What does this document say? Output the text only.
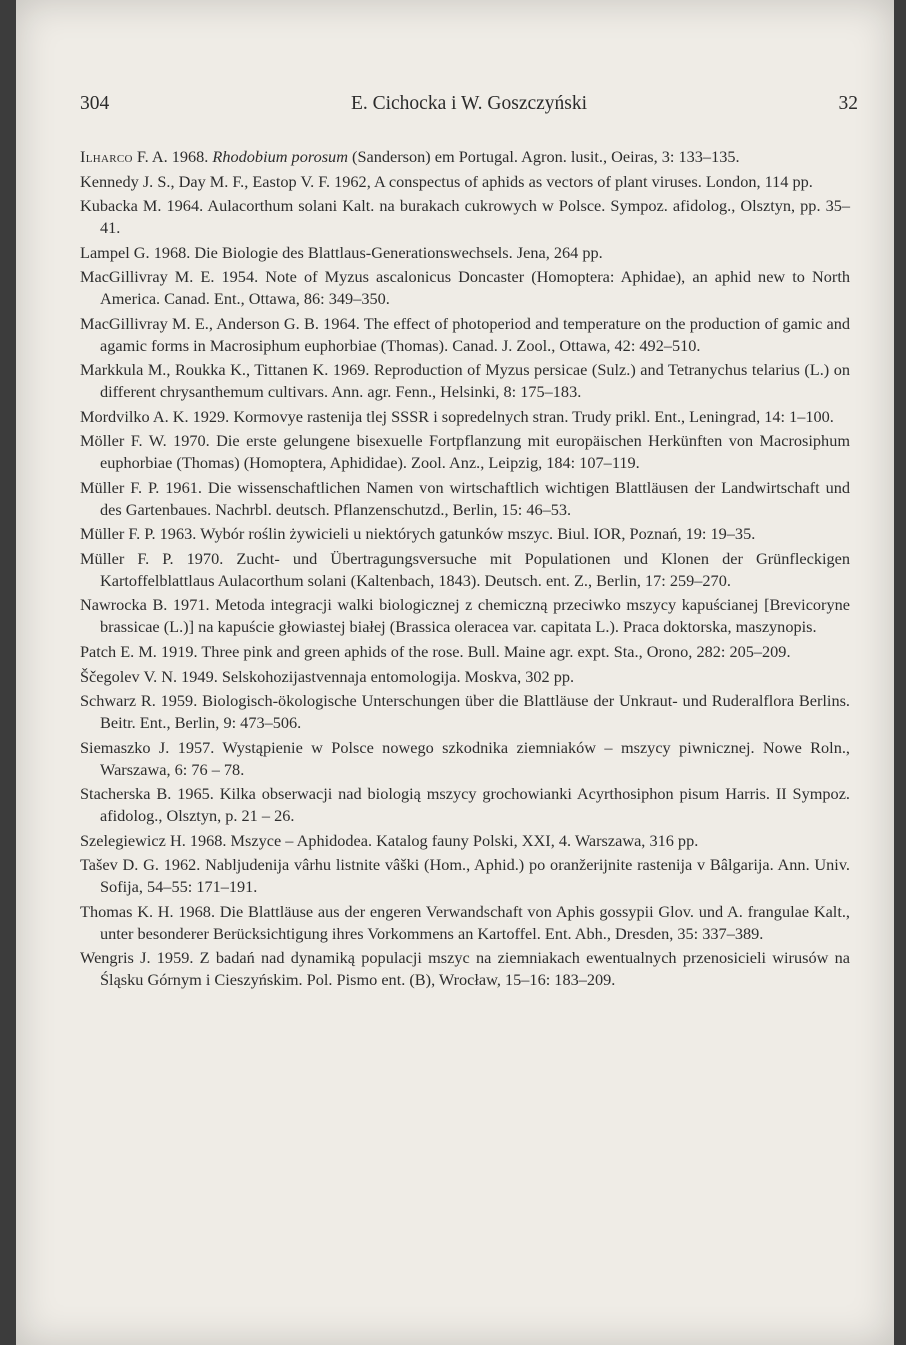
304	E. Cichocka i W. Goszczyński	32
Ilharco F. A. 1968. Rhodobium porosum (Sanderson) em Portugal. Agron. lusit., Oeiras, 3: 133–135.
Kennedy J. S., Day M. F., Eastop V. F. 1962, A conspectus of aphids as vectors of plant viruses. London, 114 pp.
Kubacka M. 1964. Aulacorthum solani Kalt. na burakach cukrowych w Polsce. Sympoz. afidolog., Olsztyn, pp. 35–41.
Lampel G. 1968. Die Biologie des Blattlaus-Generationswechsels. Jena, 264 pp.
MacGillivray M. E. 1954. Note of Myzus ascalonicus Doncaster (Homoptera: Aphidae), an aphid new to North America. Canad. Ent., Ottawa, 86: 349–350.
MacGillivray M. E., Anderson G. B. 1964. The effect of photoperiod and temperature on the production of gamic and agamic forms in Macrosiphum euphorbiae (Thomas). Canad. J. Zool., Ottawa, 42: 492–510.
Markkula M., Roukka K., Tittanen K. 1969. Reproduction of Myzus persicae (Sulz.) and Tetranychus telarius (L.) on different chrysanthemum cultivars. Ann. agr. Fenn., Helsinki, 8: 175–183.
Mordvilko A. K. 1929. Kormovye rastenija tlej SSSR i sopredelnych stran. Trudy prikl. Ent., Leningrad, 14: 1–100.
Möller F. W. 1970. Die erste gelungene bisexuelle Fortpflanzung mit europäischen Herkünften von Macrosiphum euphorbiae (Thomas) (Homoptera, Aphididae). Zool. Anz., Leipzig, 184: 107–119.
Müller F. P. 1961. Die wissenschaftlichen Namen von wirtschaftlich wichtigen Blattläusen der Landwirtschaft und des Gartenbaues. Nachrbl. deutsch. Pflanzenschutzd., Berlin, 15: 46–53.
Müller F. P. 1963. Wybór roślin żywicieli u niektórych gatunków mszyc. Biul. IOR, Poznań, 19: 19–35.
Müller F. P. 1970. Zucht- und Übertragungsversuche mit Populationen und Klonen der Grünfleckigen Kartoffelblattlaus Aulacorthum solani (Kaltenbach, 1843). Deutsch. ent. Z., Berlin, 17: 259–270.
Nawrocka B. 1971. Metoda integracji walki biologicznej z chemiczną przeciwko mszycy kapuścianej [Brevicoryne brassicae (L.)] na kapuście głowiastej białej (Brassica oleracea var. capitata L.). Praca doktorska, maszynopis.
Patch E. M. 1919. Three pink and green aphids of the rose. Bull. Maine agr. expt. Sta., Orono, 282: 205–209.
Ščegolev V. N. 1949. Selskohozijastvennaja entomologija. Moskva, 302 pp.
Schwarz R. 1959. Biologisch-ökologische Unterschungen über die Blattläuse der Unkraut- und Ruderalflora Berlins. Beitr. Ent., Berlin, 9: 473–506.
Siemaszko J. 1957. Wystąpienie w Polsce nowego szkodnika ziemniaków – mszycy piwnicznej. Nowe Roln., Warszawa, 6: 76 – 78.
Stacherska B. 1965. Kilka obserwacji nad biologią mszycy grochowianki Acyrthosiphon pisum Harris. II Sympoz. afidolog., Olsztyn, p. 21 – 26.
Szelegiewicz H. 1968. Mszyce – Aphidodea. Katalog fauny Polski, XXI, 4. Warszawa, 316 pp.
Tašev D. G. 1962. Nabljudenija vârhu listnite vâški (Hom., Aphid.) po oranžerijnite rastenija v Bâlgarija. Ann. Univ. Sofija, 54–55: 171–191.
Thomas K. H. 1968. Die Blattläuse aus der engeren Verwandschaft von Aphis gossypii Glov. und A. frangulae Kalt., unter besonderer Berücksichtigung ihres Vorkommens an Kartoffel. Ent. Abh., Dresden, 35: 337–389.
Wengris J. 1959. Z badań nad dynamiką populacji mszyc na ziemniakach ewentualnych przenosicieli wirusów na Śląsku Górnym i Cieszyńskim. Pol. Pismo ent. (B), Wrocław, 15–16: 183–209.
